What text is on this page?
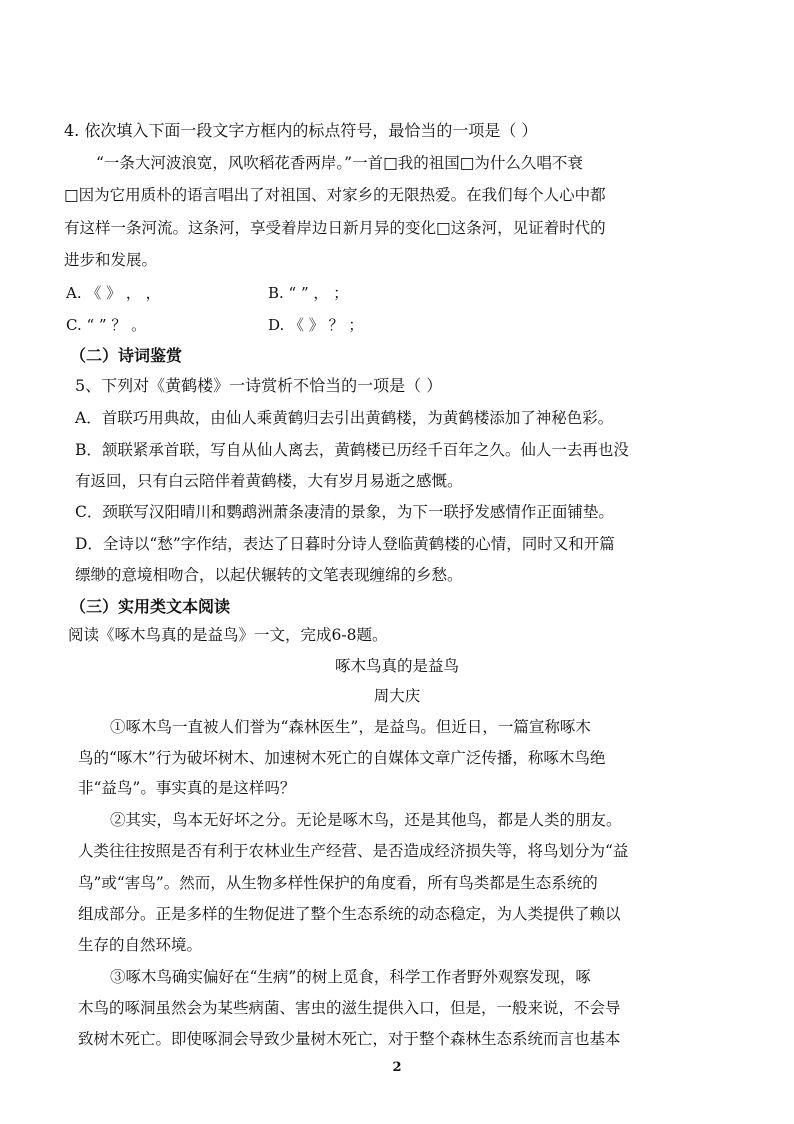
4. 依次填入下面一段文字方框内的标点符号，最恰当的一项是（ ）
“一条大河波浪宽，风吹稻花香两岸。”一首□我的祖国□为什么久唱不衰
□因为它用质朴的语言唱出了对祖国、对家乡的无限热爱。在我们每个人心中都
有这样一条河流。这条河，享受着岸边日新月异的变化□这条河，见证着时代的
进步和发展。
A. 《 》 ， ，	B. “ ” ， ；
C. “ ” ？ 。	D. 《 》 ？ ；
（二）诗词鉴赏
5、下列对《黄鹤楼》一诗赏析不恰当的一项是（ ）
A．首联巧用典故，由仙人乘黄鹤归去引出黄鹤楼，为黄鹤楼添加了神秘色彩。
B．颔联紧承首联，写自从仙人离去，黄鹤楼已历经千百年之久。仙人一去再也没
有返回，只有白云陪伴着黄鹤楼，大有岁月易逝之感慨。
C．颈联写汉阳晴川和鹦鹉洲萧条凄清的景象，为下一联抒发感情作正面铺垫。
D．全诗以“愁”字作结，表达了日暮时分诗人登临黄鹤楼的心情，同时又和开篇
缥缈的意境相吻合，以起伏辗转的文笔表现缠绵的乡愁。
（三）实用类文本阅读
阅读《啄木鸟真的是益鸟》一文，完成6-8题。
啄木鸟真的是益鸟
周大庆
①啄木鸟一直被人们誉为“森林医生”，是益鸟。但近日，一篇宣称啄木
鸟的“啄木”行为破坏树木、加速树木死亡的自媒体文章广泛传播，称啄木鸟绝
非“益鸟”。事实真的是这样吗？
②其实，鸟本无好坏之分。无论是啄木鸟，还是其他鸟，都是人类的朋友。
人类往往按照是否有利于农林业生产经营、是否造成经济损失等，将鸟划分为“益
鸟”或“害鸟”。然而，从生物多样性保护的角度看，所有鸟类都是生态系统的
组成部分。正是多样的生物促进了整个生态系统的动态稳定，为人类提供了赖以
生存的自然环境。
③啄木鸟确实偏好在“生病”的树上觅食，科学工作者野外观察发现，啄
木鸟的啄洞虽然会为某些病菌、害虫的滋生提供入口，但是，一般来说，不会导
致树木死亡。即使啄洞会导致少量树木死亡，对于整个森林生态系统而言也基本
2
